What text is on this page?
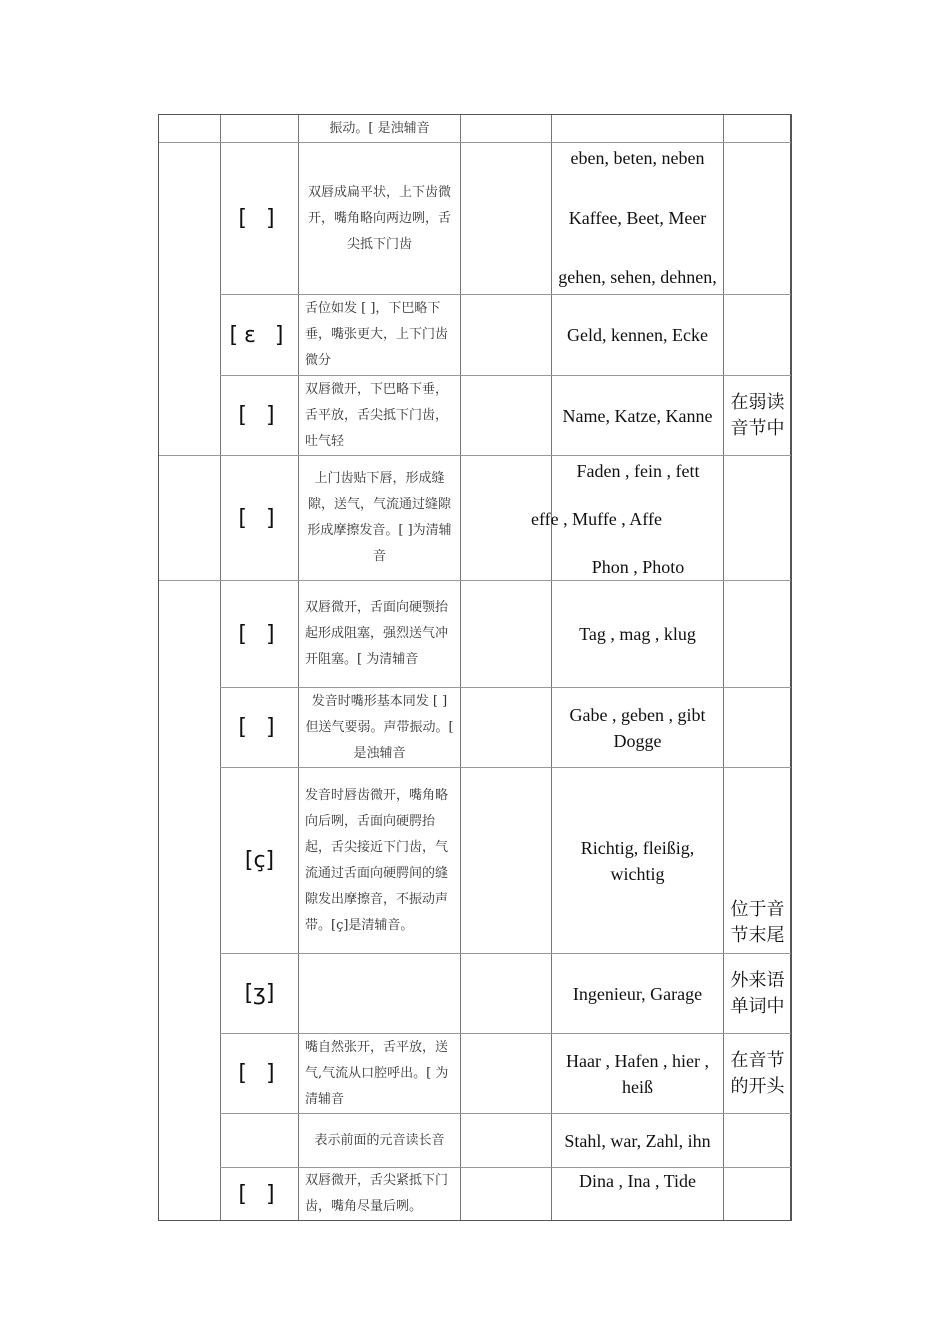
振动。[ 是浊辅音
[ ]
双唇成扁平状，上下齿微开，嘴角略向两边咧，舌尖抵下门齿
eben, beten, neben
Kaffee, Beet, Meer
gehen, sehen, dehnen,
[ɛ ]
舌位如发 [ ]，下巴略下垂，嘴张更大，上下门齿微分
Geld, kennen, Ecke
[ ]
双唇微开，下巴略下垂，舌平放，舌尖抵下门齿，吐气轻
Name, Katze, Kanne
在弱读音节中
[ ]
上门齿贴下唇，形成缝隙，送气，气流通过缝隙形成摩擦发音。[ ]为清辅音
Faden , fein , fett
effe , Muffe , Affe
Phon , Photo
[ ]
双唇微开，舌面向硬颚抬起形成阻塞，强烈送气冲开阻塞。[ 为清辅音
Tag , mag , klug
[ ]
发音时嘴形基本同发 [ ] 但送气要弱。声带振动。[ 是浊辅音
Gabe , geben , gibt Dogge
[ç]
发音时唇齿微开，嘴角略向后咧，舌面向硬腭抬起，舌尖接近下门齿，气流通过舌面向硬腭间的缝隙发出摩擦音，不振动声带。[ç]是清辅音。
Richtig, fleißig, wichtig
位于音节末尾
[ʒ]	Ingenieur, Garage
外来语单词中
[ ]
嘴自然张开，舌平放，送气,气流从口腔呼出。[ 为清辅音
Haar , Hafen , hier , heiß
在音节的开头
表示前面的元音读长音	Stahl, war, Zahl, ihn
[ ]
双唇微开，舌尖紧抵下门齿，嘴角尽量后咧。
Dina , Ina , Tide
